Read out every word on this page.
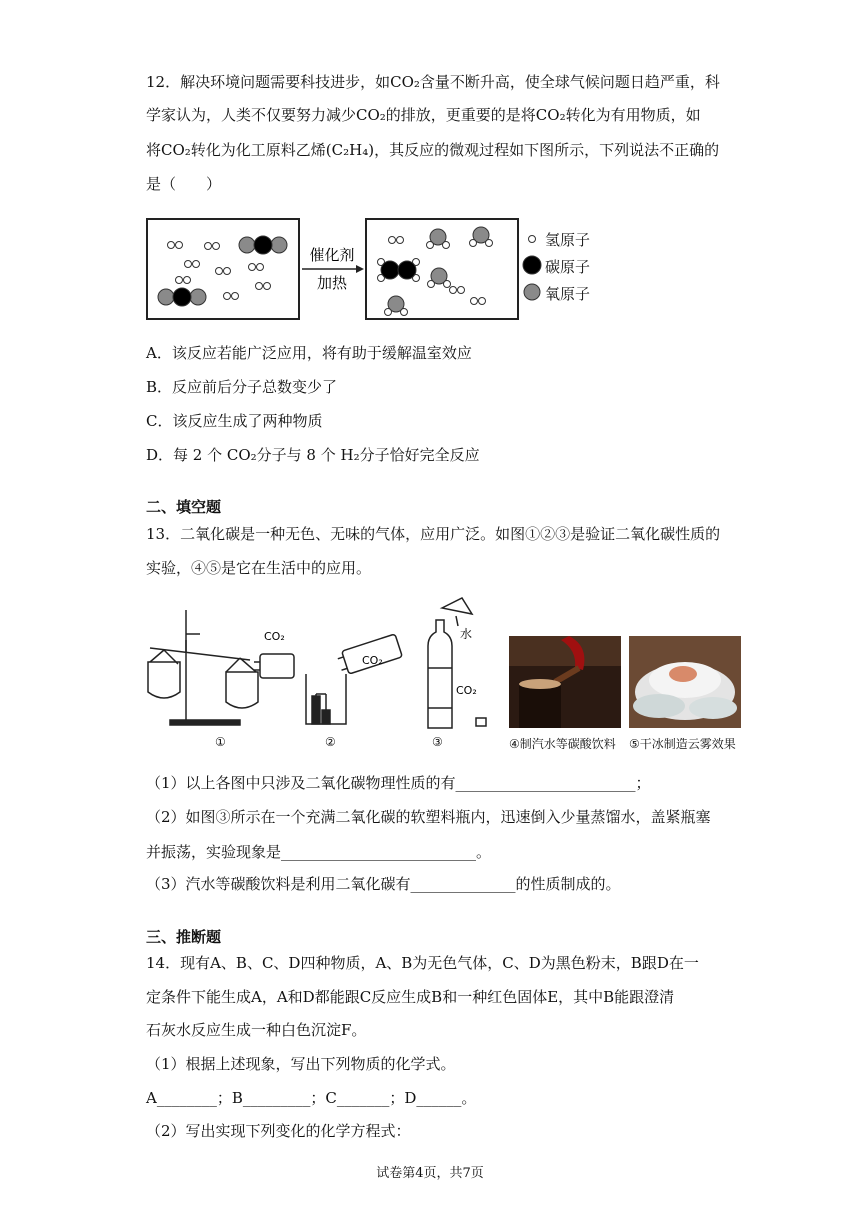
12．解决环境问题需要科技进步，如CO₂含量不断升高，使全球气候问题日趋严重，科
学家认为，人类不仅要努力减少CO₂的排放，更重要的是将CO₂转化为有用物质，如
将CO₂转化为化工原料乙烯(C₂H₄)，其反应的微观过程如下图所示，下列说法不正确的
是（　　）
催化剂
加热
氢原子
碳原子
氧原子
A．该反应若能广泛应用，将有助于缓解温室效应
B．反应前后分子总数变少了
C．该反应生成了两种物质
D．每 2 个 CO₂分子与 8 个 H₂分子恰好完全反应
二、填空题
13．二氧化碳是一种无色、无味的气体，应用广泛。如图①②③是验证二氧化碳性质的
实验，④⑤是它在生活中的应用。
CO₂
CO₂
水
CO₂
①	②	③	④制汽水等碳酸饮料 ⑤干冰制造云雾效果
（1）以上各图中只涉及二氧化碳物理性质的有________________________；
（2）如图③所示在一个充满二氧化碳的软塑料瓶内，迅速倒入少量蒸馏水，盖紧瓶塞
并振荡，实验现象是__________________________。
（3）汽水等碳酸饮料是利用二氧化碳有______________的性质制成的。
三、推断题
14．现有A、B、C、D四种物质，A、B为无色气体，C、D为黑色粉末，B跟D在一
定条件下能生成A，A和D都能跟C反应生成B和一种红色固体E，其中B能跟澄清
石灰水反应生成一种白色沉淀F。
（1）根据上述现象，写出下列物质的化学式。
A________；B_________；C_______；D______。
（2）写出实现下列变化的化学方程式：
试卷第4页，共7页
